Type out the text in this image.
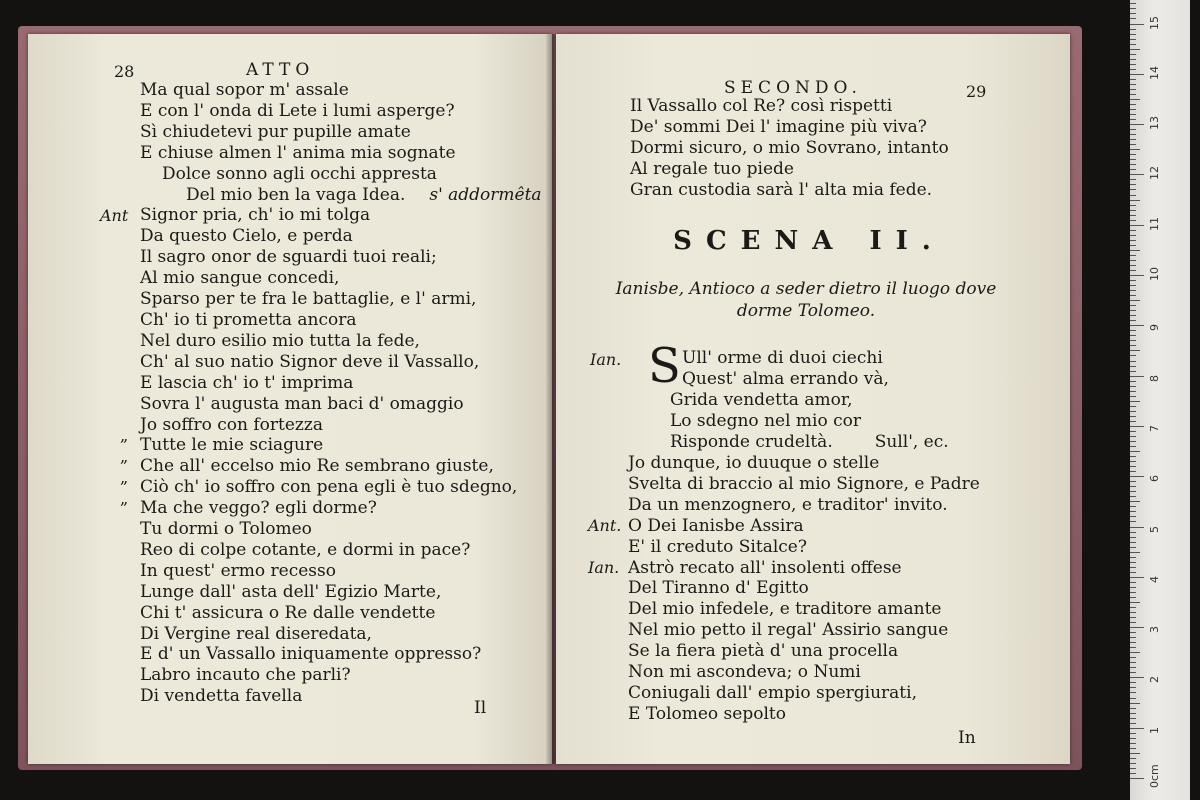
28	ATTO
Ma qual sopor m' assale
E con l' onda di Lete i lumi asperge?
Sì chiudetevi pur pupille amate
E chiuse almen l' anima mia sognate
Dolce sonno agli occhi appresta
Del mio ben la vaga Idea. s' addormêta
Signor pria, ch' io mi tolga
Da questo Cielo, e perda
Il sagro onor de sguardi tuoi reali;
Al mio sangue concedi,
Sparso per te fra le battaglie, e l' armi,
Ch' io ti prometta ancora
Nel duro esilio mio tutta la fede,
Ch' al suo natio Signor deve il Vassallo,
E lascia ch' io t' imprima
Sovra l' augusta man baci d' omaggio
Jo soffro con fortezza
Tutte le mie sciagure
Che all' eccelso mio Re sembrano giuste,
Ciò ch' io soffro con pena egli è tuo sdegno,
Ma che veggo? egli dorme?
Tu dormi o Tolomeo
Reo di colpe cotante, e dormi in pace?
In quest' ermo recesso
Lunge dall' asta dell' Egizio Marte,
Chi t' assicura o Re dalle vendette
Di Vergine real diseredata,
E d' un Vassallo iniquamente oppresso?
Labro incauto che parli?
Di vendetta favella
Ant
„
„
„
„
Il
SECONDO.	29
Il Vassallo col Re? così rispetti
De' sommi Dei l' imagine più viva?
Dormi sicuro, o mio Sovrano, intanto
Al regale tuo piede
Gran custodia sarà l' alta mia fede.
SCENA II.
Ianisbe, Antioco a seder dietro il luogo dove
dorme Tolomeo.
Ian. S Ull' orme di duoi ciechi
Quest' alma errando và,
Grida vendetta amor,
Lo sdegno nel mio cor
Risponde crudeltà. Sull', ec.
Jo dunque, io duuque o stelle
Svelta di braccio al mio Signore, e Padre
Da un menzognero, e traditor' invito.
O Dei Ianisbe Assira
E' il creduto Sitalce?
Astrò recato all' insolenti offese
Del Tiranno d' Egitto
Del mio infedele, e traditore amante
Nel mio petto il regal' Assirio sangue
Se la fiera pietà d' una procella
Non mi ascondeva; o Numi
Coniugali dall' empio spergiurati,
E Tolomeo sepolto
Ant.
Ian.
In
0cm
1
2
3
4
5
6
7
8
9
10
11
12
13
14
15
